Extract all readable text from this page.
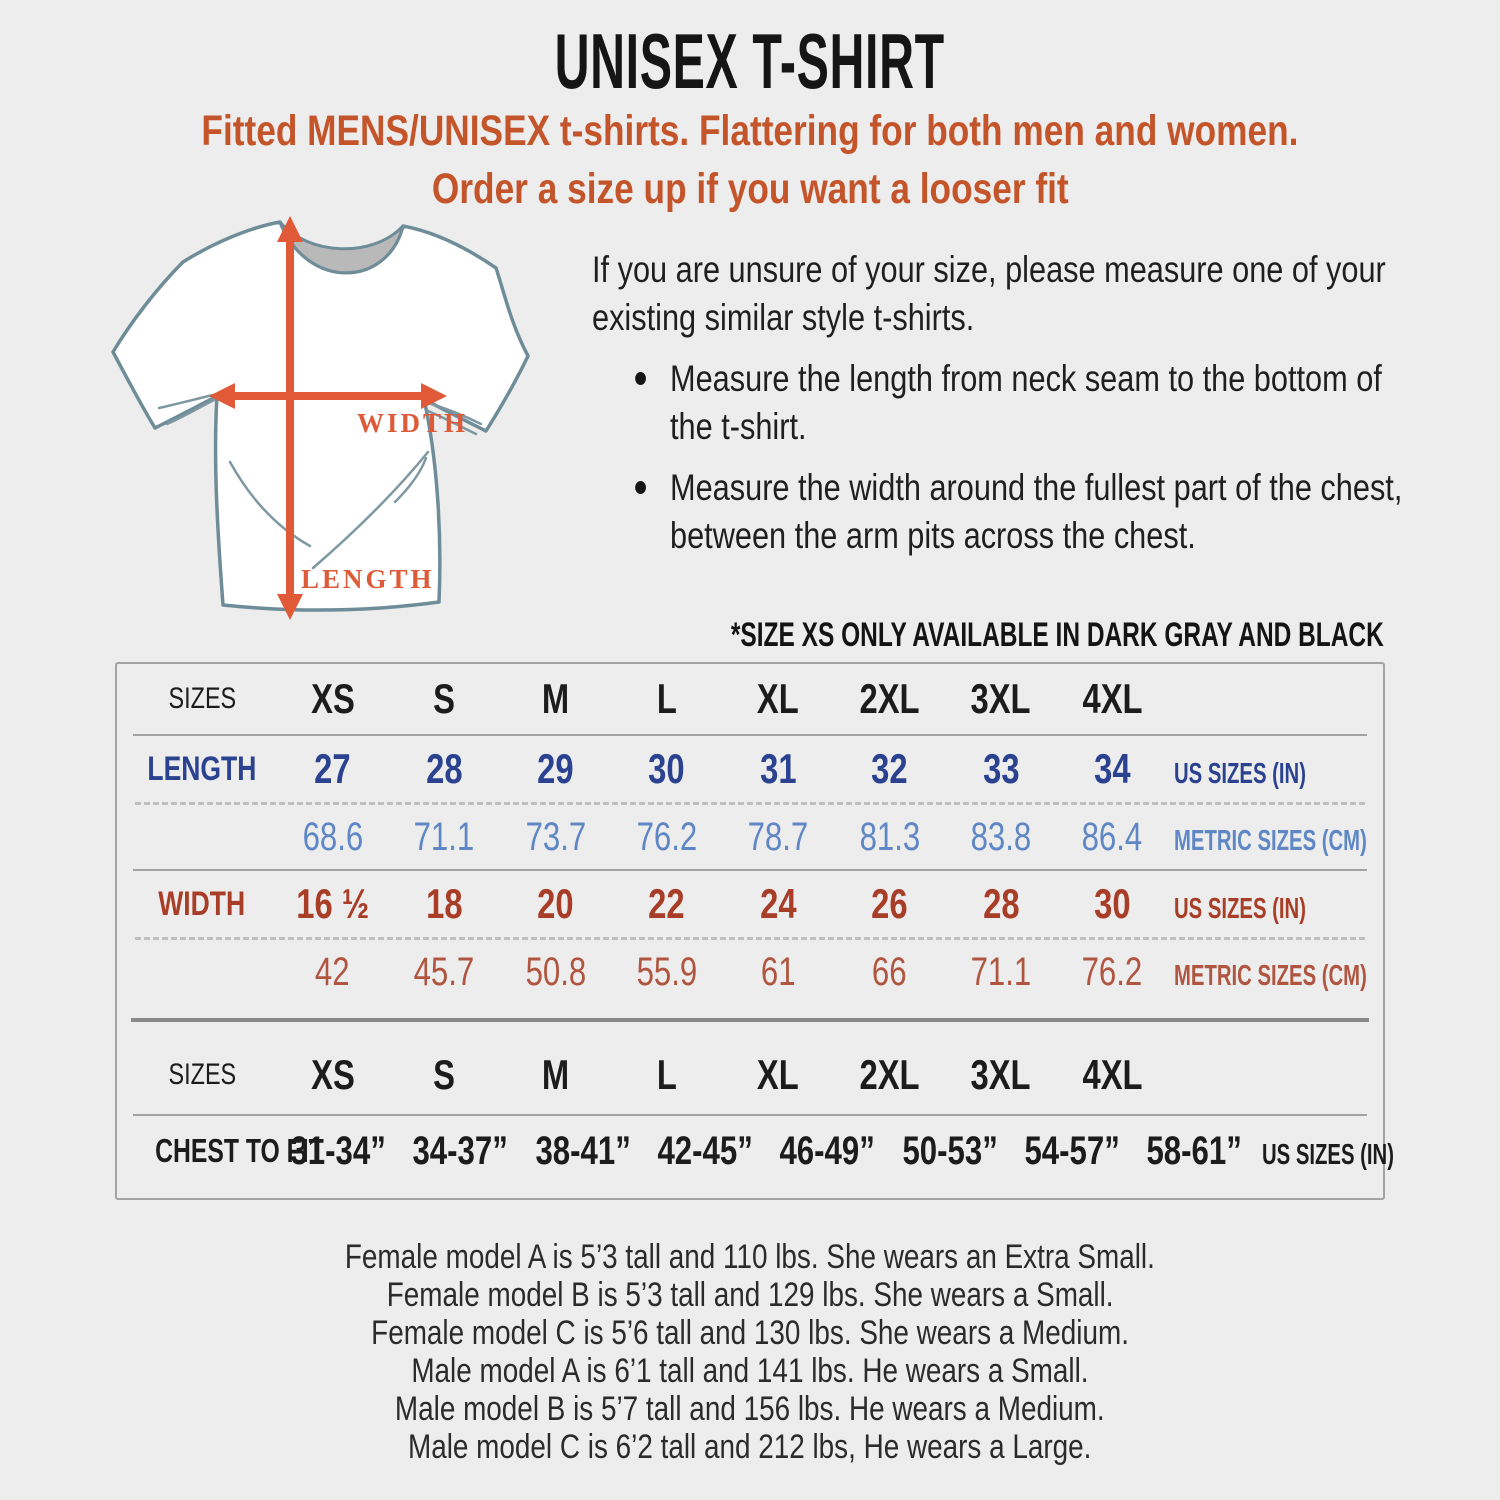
UNISEX T-SHIRT
Fitted MENS/UNISEX t-shirts. Flattering for both men and women.
Order a size up if you want a looser fit
WIDTH
LENGTH
If you are unsure of your size, please measure one of your existing similar style t-shirts.
Measure the length from neck seam to the bottom of the t-shirt.
Measure the width around the fullest part of the chest, between the arm pits across the chest.
*SIZE XS ONLY AVAILABLE IN DARK GRAY AND BLACK
SIZES	XS	S	M	L	XL	2XL	3XL	4XL
LENGTH	27	28	29	30	31	32	33	34	US SIZES (IN)
68.6	71.1	73.7	76.2	78.7	81.3	83.8	86.4	METRIC SIZES (CM)
WIDTH	16 ½	18	20	22	24	26	28	30	US SIZES (IN)
42	45.7	50.8	55.9	61	66	71.1	76.2	METRIC SIZES (CM)
SIZES	XS	S	M	L	XL	2XL	3XL	4XL
CHEST TO FIT
31-34” 34-37” 38-41” 42-45” 46-49” 50-53” 54-57” 58-61” US SIZES (IN)
Female model A is 5’3 tall and 110 lbs. She wears an Extra Small.
Female model B is 5’3 tall and 129 lbs. She wears a Small.
Female model C is 5’6 tall and 130 lbs. She wears a Medium.
Male model A is 6’1 tall and 141 lbs. He wears a Small.
Male model B is 5’7 tall and 156 lbs. He wears a Medium.
Male model C is 6’2 tall and 212 lbs, He wears a Large.
